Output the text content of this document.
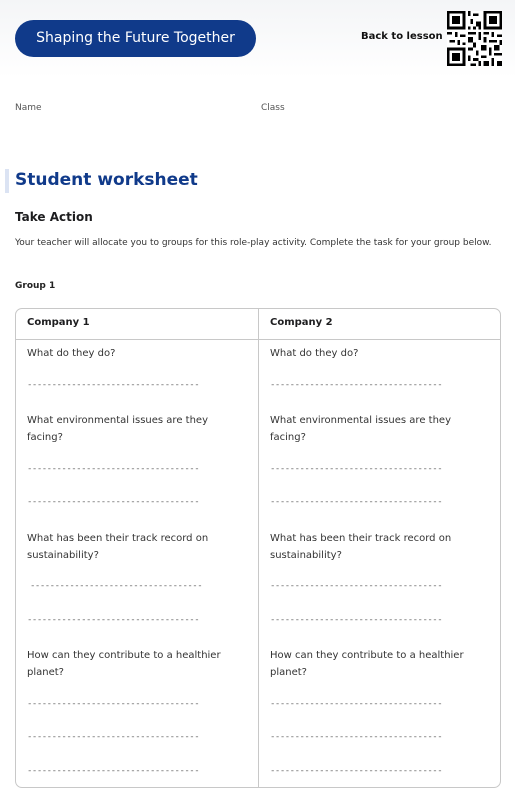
Shaping the Future Together	Back to lesson
Name	Class
Student worksheet
Take Action
Your teacher will allocate you to groups for this role-play activity. Complete the task for your group below.
Group 1
Company 1
What do they do?
-----------------------------------
What environmental issues are they facing?
-----------------------------------
-----------------------------------
What has been their track record on sustainability?
-----------------------------------
-----------------------------------
How can they contribute to a healthier planet?
-----------------------------------
-----------------------------------
-----------------------------------
Company 2
What do they do?
-----------------------------------
What environmental issues are they facing?
-----------------------------------
-----------------------------------
What has been their track record on sustainability?
-----------------------------------
-----------------------------------
How can they contribute to a healthier planet?
-----------------------------------
-----------------------------------
-----------------------------------
